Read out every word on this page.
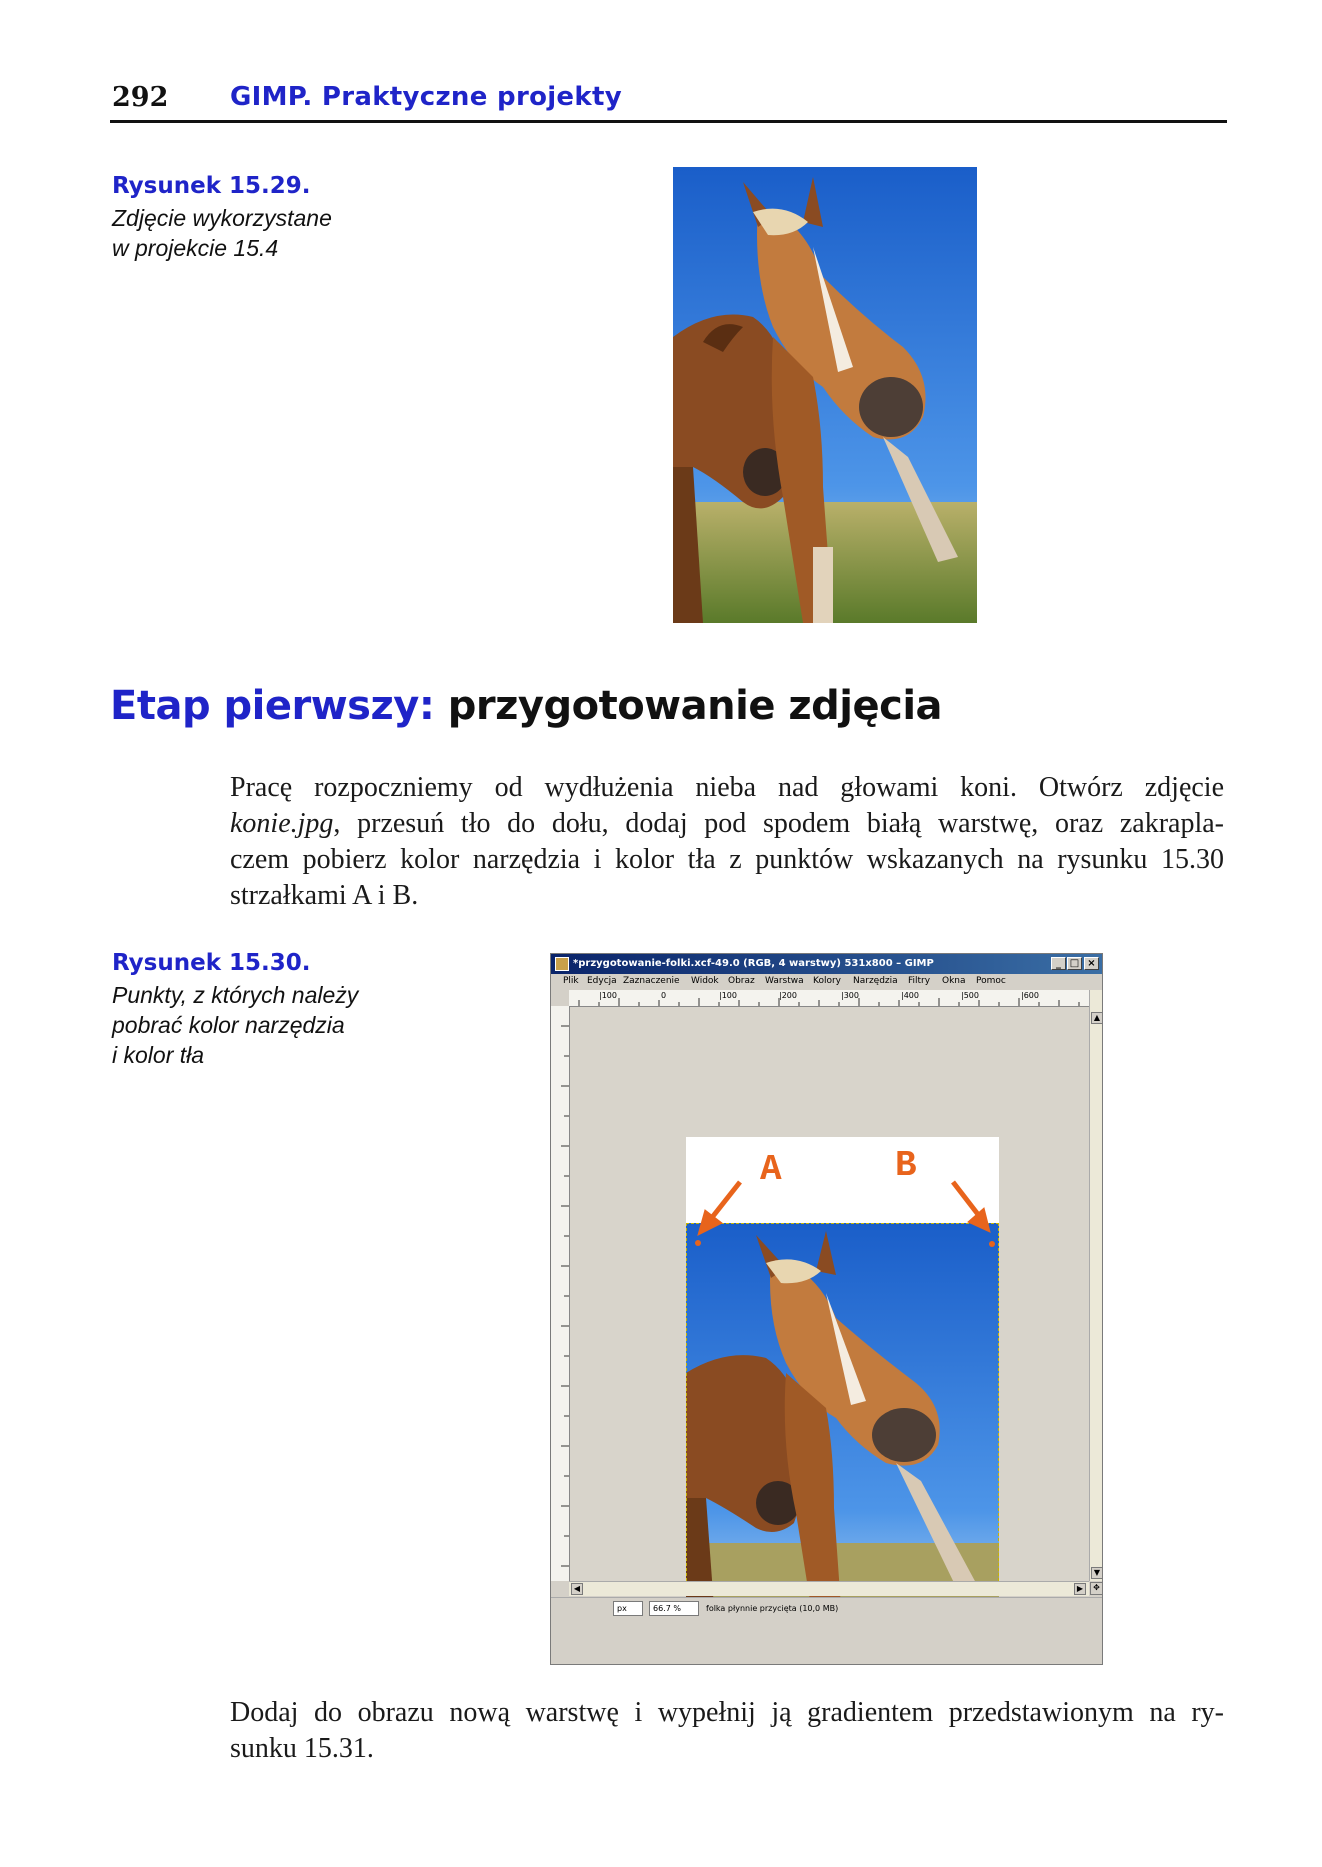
292 GIMP. Praktyczne projekty
Rysunek 15.29.
Zdjęcie wykorzystane
w projekcie 15.4
Etap pierwszy: przygotowanie zdjęcia
Pracę rozpoczniemy od wydłużenia nieba nad głowami koni. Otwórz zdjęcie
konie.jpg, przesuń tło do dołu, dodaj pod spodem białą warstwę, oraz zakrapla-
czem pobierz kolor narzędzia i kolor tła z punktów wskazanych na rysunku 15.30
strzałkami A i B.
Rysunek 15.30.
Punkty, z których należy
pobrać kolor narzędzia
i kolor tła
*przygotowanie-folki.xcf-49.0 (RGB, 4 warstwy) 531x800 – GIMP	_ □ ×
Plik Edycja Zaznaczenie Widok Obraz Warstwa Kolory Narzędzia Filtry Okna Pomoc
|100	0	|100	|200	|300	|400	|500	|600
A	B
▲
▼
◀	▶	✥
px	66.7 %	folka płynnie przycięta (10,0 MB)
Dodaj do obrazu nową warstwę i wypełnij ją gradientem przedstawionym na ry-
sunku 15.31.
